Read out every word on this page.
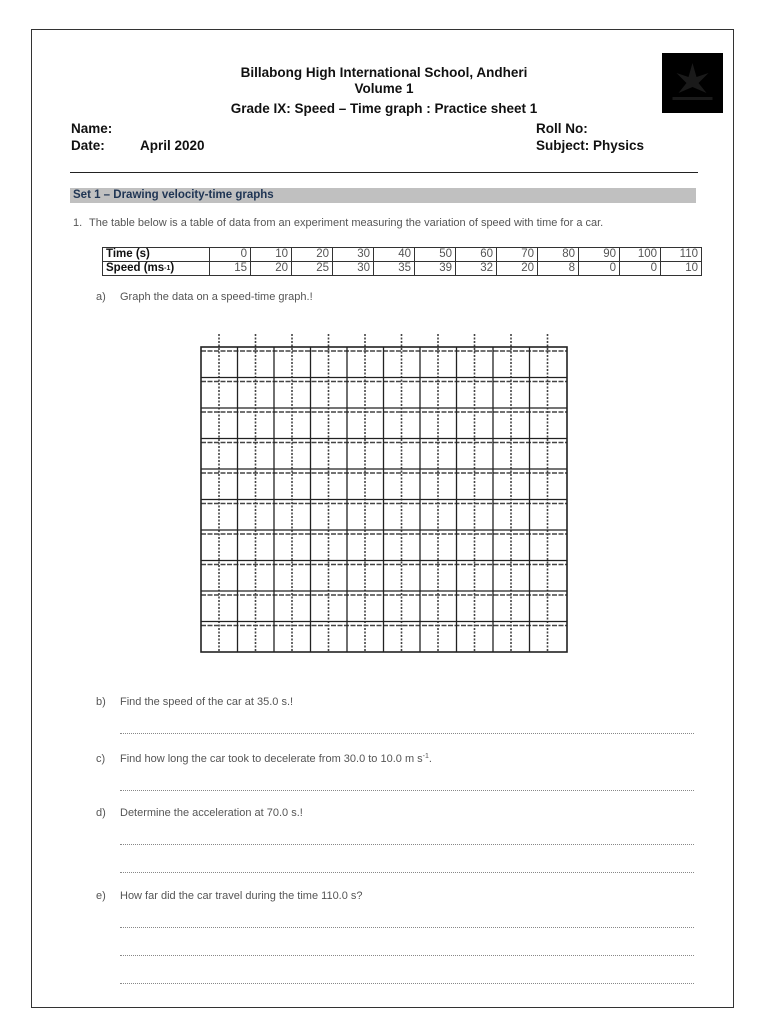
Billabong High International School, Andheri
Volume 1
Grade IX: Speed – Time graph : Practice sheet 1
Name:
Date:	April 2020
Roll No:
Subject: Physics
Set 1 – Drawing velocity-time graphs
1. The table below is a table of data from an experiment measuring the variation of speed with time for a car.
Time (s)	0	10	20	30	40	50	60	70	80	90	100	110
Speed $(ms^{-1})$	15	20	25	30	35	39	32	20	8	0	0	10
a) Graph the data on a speed-time graph.!
b) Find the speed of the car at 35.0 s.!
c) Find how long the car took to decelerate from 30.0 to 10.0 m $s^{-1}$.
d) Determine the acceleration at 70.0 s.!
e) How far did the car travel during the time 110.0 s?
